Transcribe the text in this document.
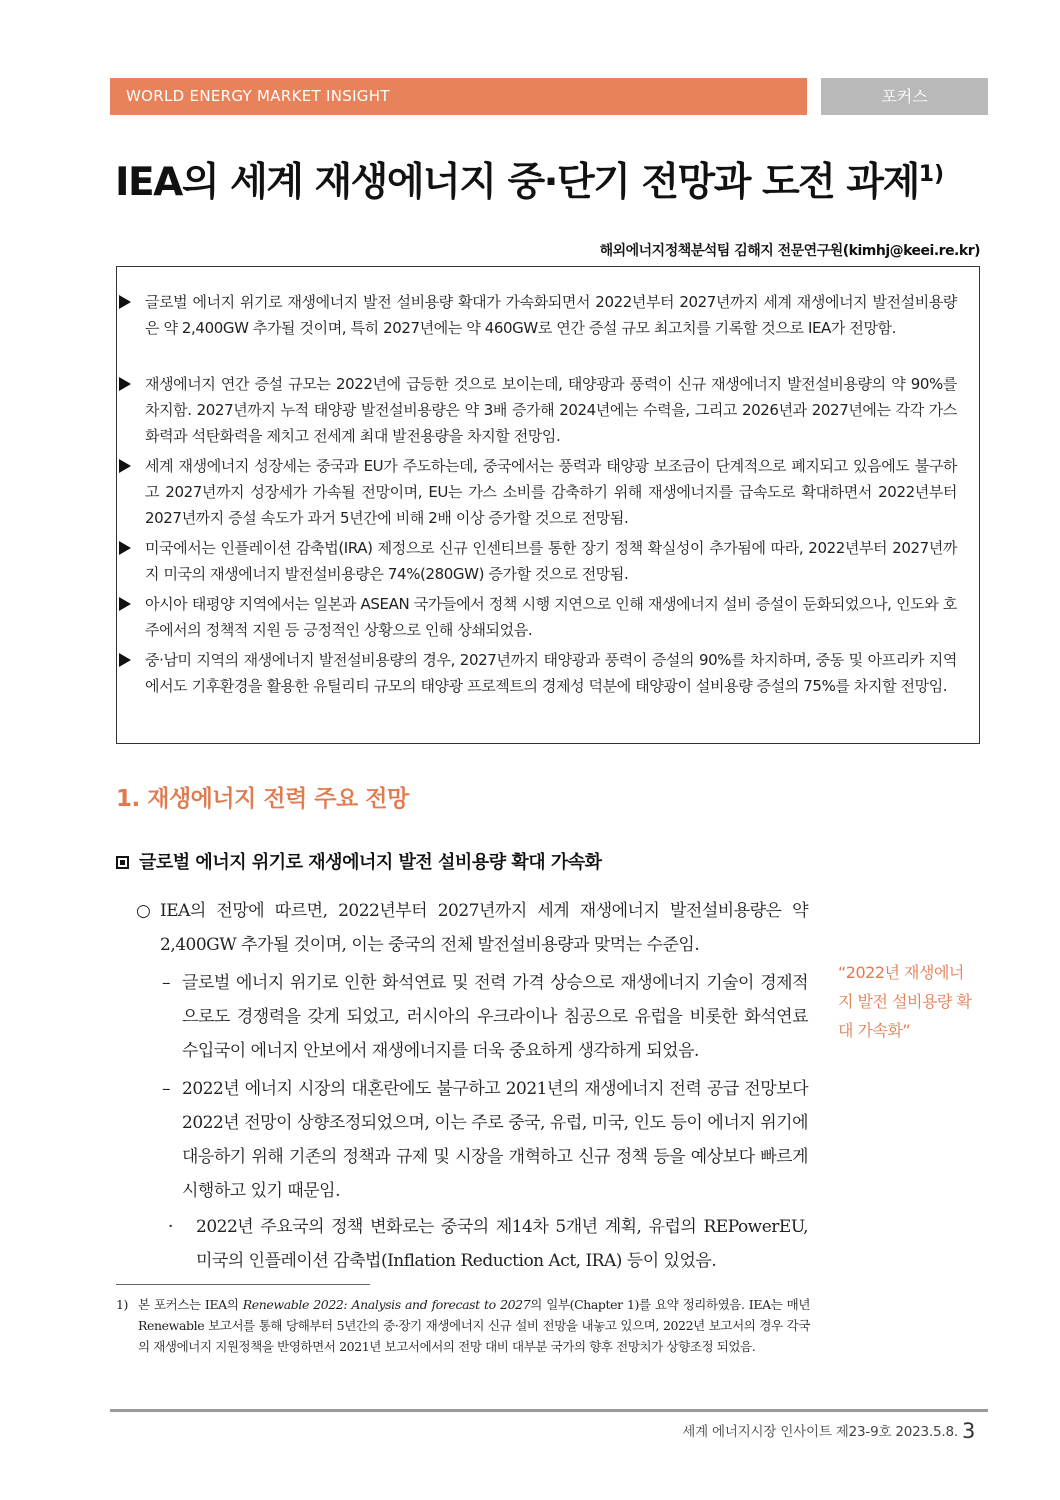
WORLD ENERGY MARKET INSIGHT	포커스
IEA의 세계 재생에너지 중·단기 전망과 도전 과제$^{1)}$
해외에너지정책분석팀 김해지 전문연구원(kimhj@keei.re.kr)
글로벌 에너지 위기로 재생에너지 발전 설비용량 확대가 가속화되면서 2022년부터 2027년까지 세계 재생에너지 발전설비용량은 약 2,400GW 추가될 것이며, 특히 2027년에는 약 460GW로 연간 증설 규모 최고치를 기록할 것으로 IEA가 전망함.
재생에너지 연간 증설 규모는 2022년에 급등한 것으로 보이는데, 태양광과 풍력이 신규 재생에너지 발전설비용량의 약 90%를 차지함. 2027년까지 누적 태양광 발전설비용량은 약 3배 증가해 2024년에는 수력을, 그리고 2026년과 2027년에는 각각 가스화력과 석탄화력을 제치고 전세계 최대 발전용량을 차지할 전망임.
세계 재생에너지 성장세는 중국과 EU가 주도하는데, 중국에서는 풍력과 태양광 보조금이 단계적으로 폐지되고 있음에도 불구하고 2027년까지 성장세가 가속될 전망이며, EU는 가스 소비를 감축하기 위해 재생에너지를 급속도로 확대하면서 2022년부터 2027년까지 증설 속도가 과거 5년간에 비해 2배 이상 증가할 것으로 전망됨.
미국에서는 인플레이션 감축법(IRA) 제정으로 신규 인센티브를 통한 장기 정책 확실성이 추가됨에 따라, 2022년부터 2027년까지 미국의 재생에너지 발전설비용량은 74%(280GW) 증가할 것으로 전망됨.
아시아 태평양 지역에서는 일본과 ASEAN 국가들에서 정책 시행 지연으로 인해 재생에너지 설비 증설이 둔화되었으나, 인도와 호주에서의 정책적 지원 등 긍정적인 상황으로 인해 상쇄되었음.
중·남미 지역의 재생에너지 발전설비용량의 경우, 2027년까지 태양광과 풍력이 증설의 90%를 차지하며, 중동 및 아프리카 지역에서도 기후환경을 활용한 유틸리티 규모의 태양광 프로젝트의 경제성 덕분에 태양광이 설비용량 증설의 75%를 차지할 전망임.
1. 재생에너지 전력 주요 전망
글로벌 에너지 위기로 재생에너지 발전 설비용량 확대 가속화
○ IEA의 전망에 따르면, 2022년부터 2027년까지 세계 재생에너지 발전설비용량은 약 2,400GW 추가될 것이며, 이는 중국의 전체 발전설비용량과 맞먹는 수준임.
– 글로벌 에너지 위기로 인한 화석연료 및 전력 가격 상승으로 재생에너지 기술이 경제적으로도 경쟁력을 갖게 되었고, 러시아의 우크라이나 침공으로 유럽을 비롯한 화석연료 수입국이 에너지 안보에서 재생에너지를 더욱 중요하게 생각하게 되었음.
– 2022년 에너지 시장의 대혼란에도 불구하고 2021년의 재생에너지 전력 공급 전망보다 2022년 전망이 상향조정되었으며, 이는 주로 중국, 유럽, 미국, 인도 등이 에너지 위기에 대응하기 위해 기존의 정책과 규제 및 시장을 개혁하고 신규 정책 등을 예상보다 빠르게 시행하고 있기 때문임.
· 2022년 주요국의 정책 변화로는 중국의 제14차 5개년 계획, 유럽의 REPowerEU, 미국의 인플레이션 감축법(Inflation Reduction Act, IRA) 등이 있었음.
“2022년 재생에너지 발전 설비용량 확대 가속화”
1) 본 포커스는 IEA의 Renewable 2022: Analysis and forecast to 2027의 일부(Chapter 1)를 요약 정리하였음. IEA는 매년 Renewable 보고서를 통해 당해부터 5년간의 중·장기 재생에너지 신규 설비 전망을 내놓고 있으며, 2022년 보고서의 경우 각국의 재생에너지 지원정책을 반영하면서 2021년 보고서에서의 전망 대비 대부분 국가의 향후 전망치가 상향조정 되었음.
세계 에너지시장 인사이트 제23-9호 2023.5.8. 3
